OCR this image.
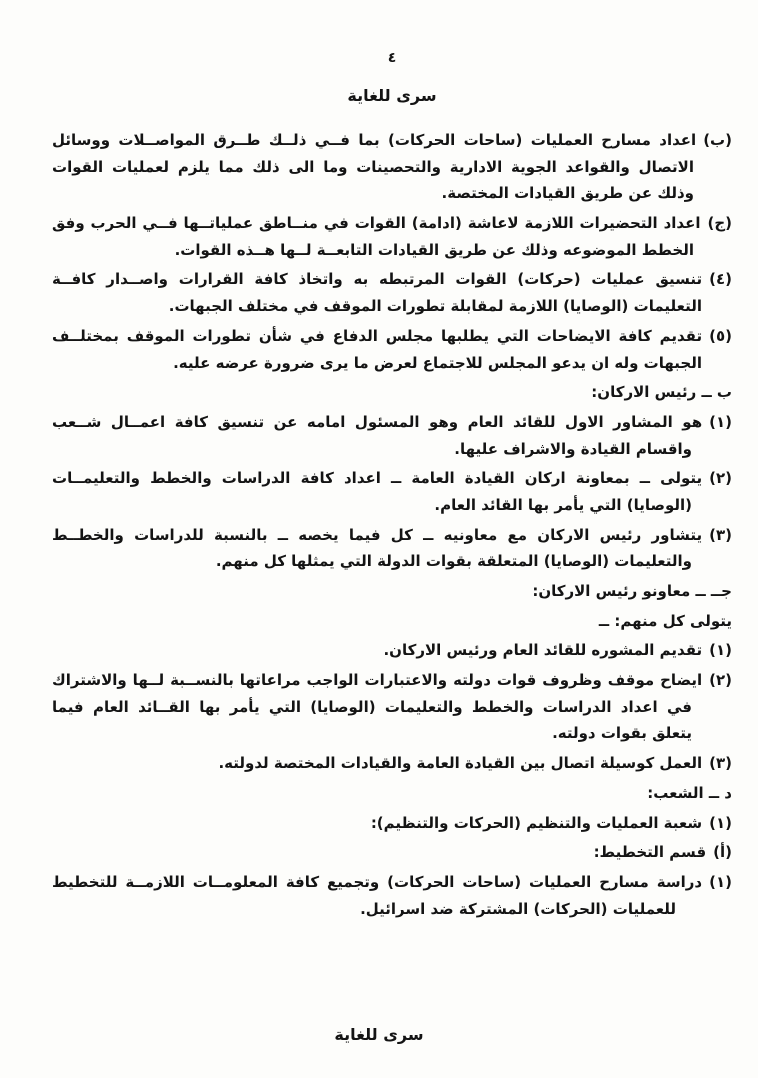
٤
سرى للغاية

(ب)اعداد مسارح العمليات (ساحات الحركات) بما فــي ذلــك طــرق المواصــلات ووسائل الاتصال والقواعد الجوية الادارية والتحصينات وما الى ذلك مما يلزم لعمليات القوات وذلك عن طريق القيادات المختصة.

(ج)اعداد التحضيرات اللازمة لاعاشة (ادامة) القوات في منــاطق عملياتــها فــي الحرب وفق الخطط الموضوعه وذلك عن طريق القيادات التابعــة لــها هــذه القوات.

(٤)تنسيق عمليات (حركات) القوات المرتبطه به واتخاذ كافة القرارات واصــدار كافــة التعليمات (الوصايا) اللازمة لمقابلة تطورات الموقف في مختلف الجبهات.

(٥)تقديم كافة الايضاحات التي يطلبها مجلس الدفاع في شأن تطورات الموقف بمختلــف الجبهات وله ان يدعو المجلس للاجتماع لعرض ما يرى ضرورة عرضه عليه.

ب ــ رئيس الاركان:

(١)هو المشاور الاول للقائد العام وهو المسئول امامه عن تنسيق كافة اعمــال شــعب واقسام القيادة والاشراف عليها.

(٢)يتولى ــ بمعاونة اركان القيادة العامة ــ اعداد كافة الدراسات والخطط والتعليمــات (الوصايا) التي يأمر بها القائد العام.

(٣)يتشاور رئيس الاركان مع معاونيه ــ كل فيما يخصه ــ بالنسبة للدراسات والخطــط والتعليمات (الوصايا) المتعلقة بقوات الدولة التي يمثلها كل منهم.

جــ ــ معاونو رئيس الاركان:

يتولى كل منهم: ــ

(١)تقديم المشوره للقائد العام ورئيس الاركان.

(٢)ايضاح موقف وظروف قوات دولته والاعتبارات الواجب مراعاتها بالنســبة لــها والاشتراك في اعداد الدراسات والخطط والتعليمات (الوصايا) التي يأمر بها القــائد العام فيما يتعلق بقوات دولته.

(٣)العمل كوسيلة اتصال بين القيادة العامة والقيادات المختصة لدولته.

د ــ الشعب:

(١)شعبة العمليات والتنظيم (الحركات والتنظيم):

(أ)قسم التخطيط:

(١)دراسة مسارح العمليات (ساحات الحركات) وتجميع كافة المعلومــات اللازمــة للتخطيط للعمليات (الحركات) المشتركة ضد اسرائيل.

سرى للغاية
